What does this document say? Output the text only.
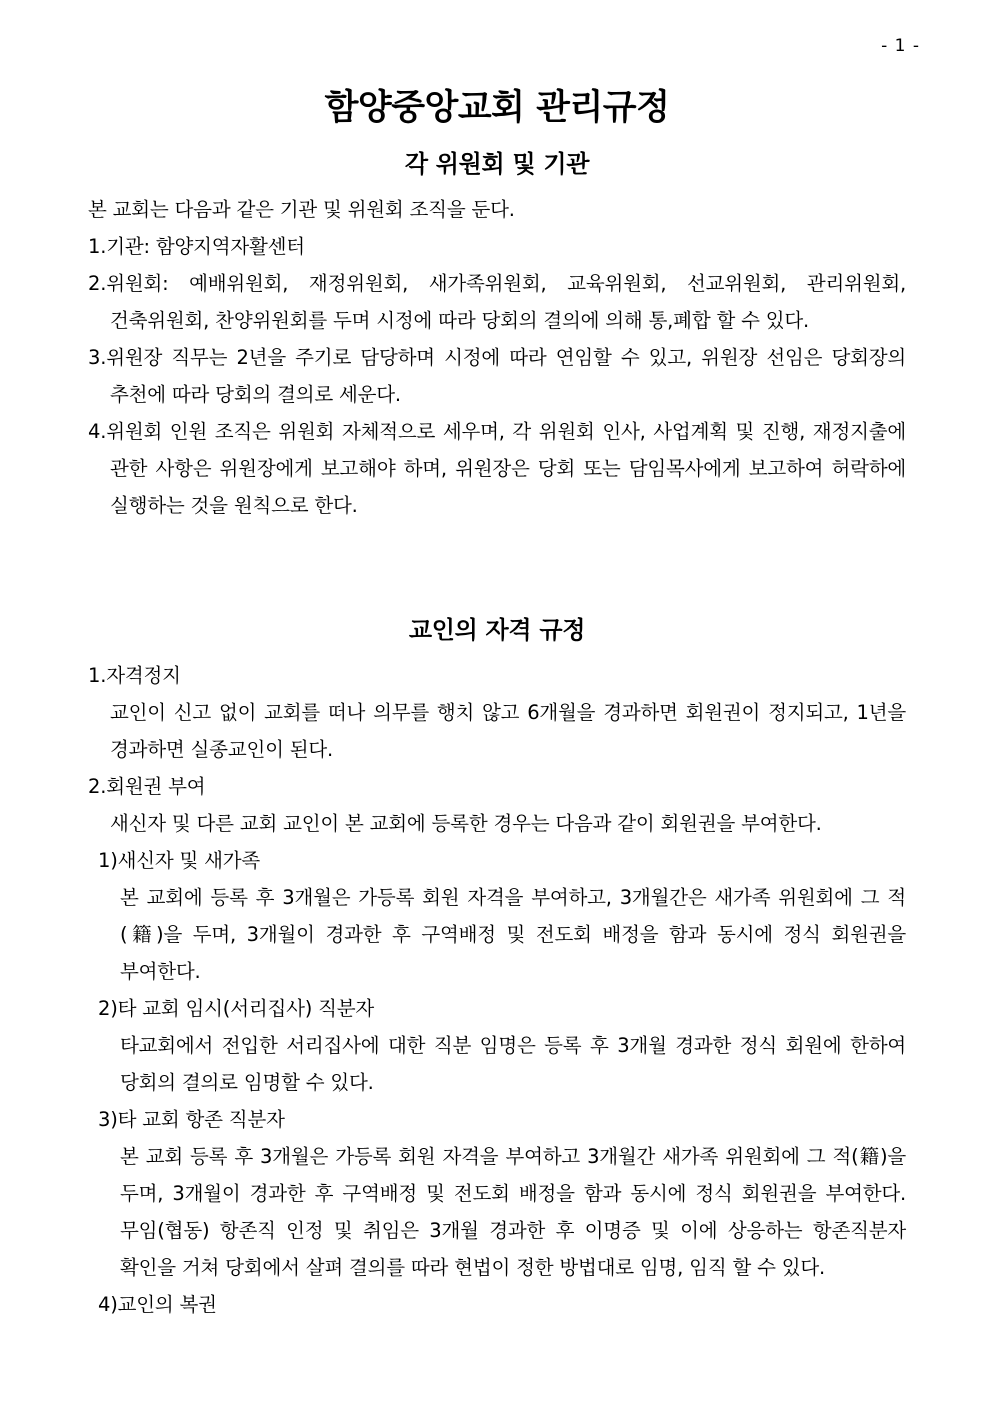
- 1 -
함양중앙교회 관리규정
각 위원회 및 기관

본 교회는 다음과 같은 기관 및 위원회 조직을 둔다.

1.기관: 함양지역자활센터

2.위원회: 예배위원회, 재정위원회, 새가족위원회, 교육위원회, 선교위원회, 관리위원회, 건축위원회, 찬양위원회를 두며 시정에 따라 당회의 결의에 의해 통,폐합 할 수 있다.

3.위원장 직무는 2년을 주기로 담당하며 시정에 따라 연임할 수 있고, 위원장 선임은 당회장의 추천에 따라 당회의 결의로 세운다.

4.위원회 인원 조직은 위원회 자체적으로 세우며, 각 위원회 인사, 사업계획 및 진행, 재정지출에 관한 사항은 위원장에게 보고해야 하며, 위원장은 당회 또는 담임목사에게 보고하여 허락하에 실행하는 것을 원칙으로 한다.

교인의 자격 규정

1.자격정지

교인이 신고 없이 교회를 떠나 의무를 행치 않고 6개월을 경과하면 회원권이 정지되고, 1년을 경과하면 실종교인이 된다.

2.회원권 부여

새신자 및 다른 교회 교인이 본 교회에 등록한 경우는 다음과 같이 회원권을 부여한다.

1)새신자 및 새가족

본 교회에 등록 후 3개월은 가등록 회원 자격을 부여하고, 3개월간은 새가족 위원회에 그 적(籍)을 두며, 3개월이 경과한 후 구역배정 및 전도회 배정을 함과 동시에 정식 회원권을 부여한다.

2)타 교회 임시(서리집사) 직분자

타교회에서 전입한 서리집사에 대한 직분 임명은 등록 후 3개월 경과한 정식 회원에 한하여 당회의 결의로 임명할 수 있다.

3)타 교회 항존 직분자

본 교회 등록 후 3개월은 가등록 회원 자격을 부여하고 3개월간 새가족 위원회에 그 적(籍)을 두며, 3개월이 경과한 후 구역배정 및 전도회 배정을 함과 동시에 정식 회원권을 부여한다. 무임(협동) 항존직 인정 및 취임은 3개월 경과한 후 이명증 및 이에 상응하는 항존직분자 확인을 거쳐 당회에서 살펴 결의를 따라 현법이 정한 방법대로 임명, 임직 할 수 있다.

4)교인의 복권
